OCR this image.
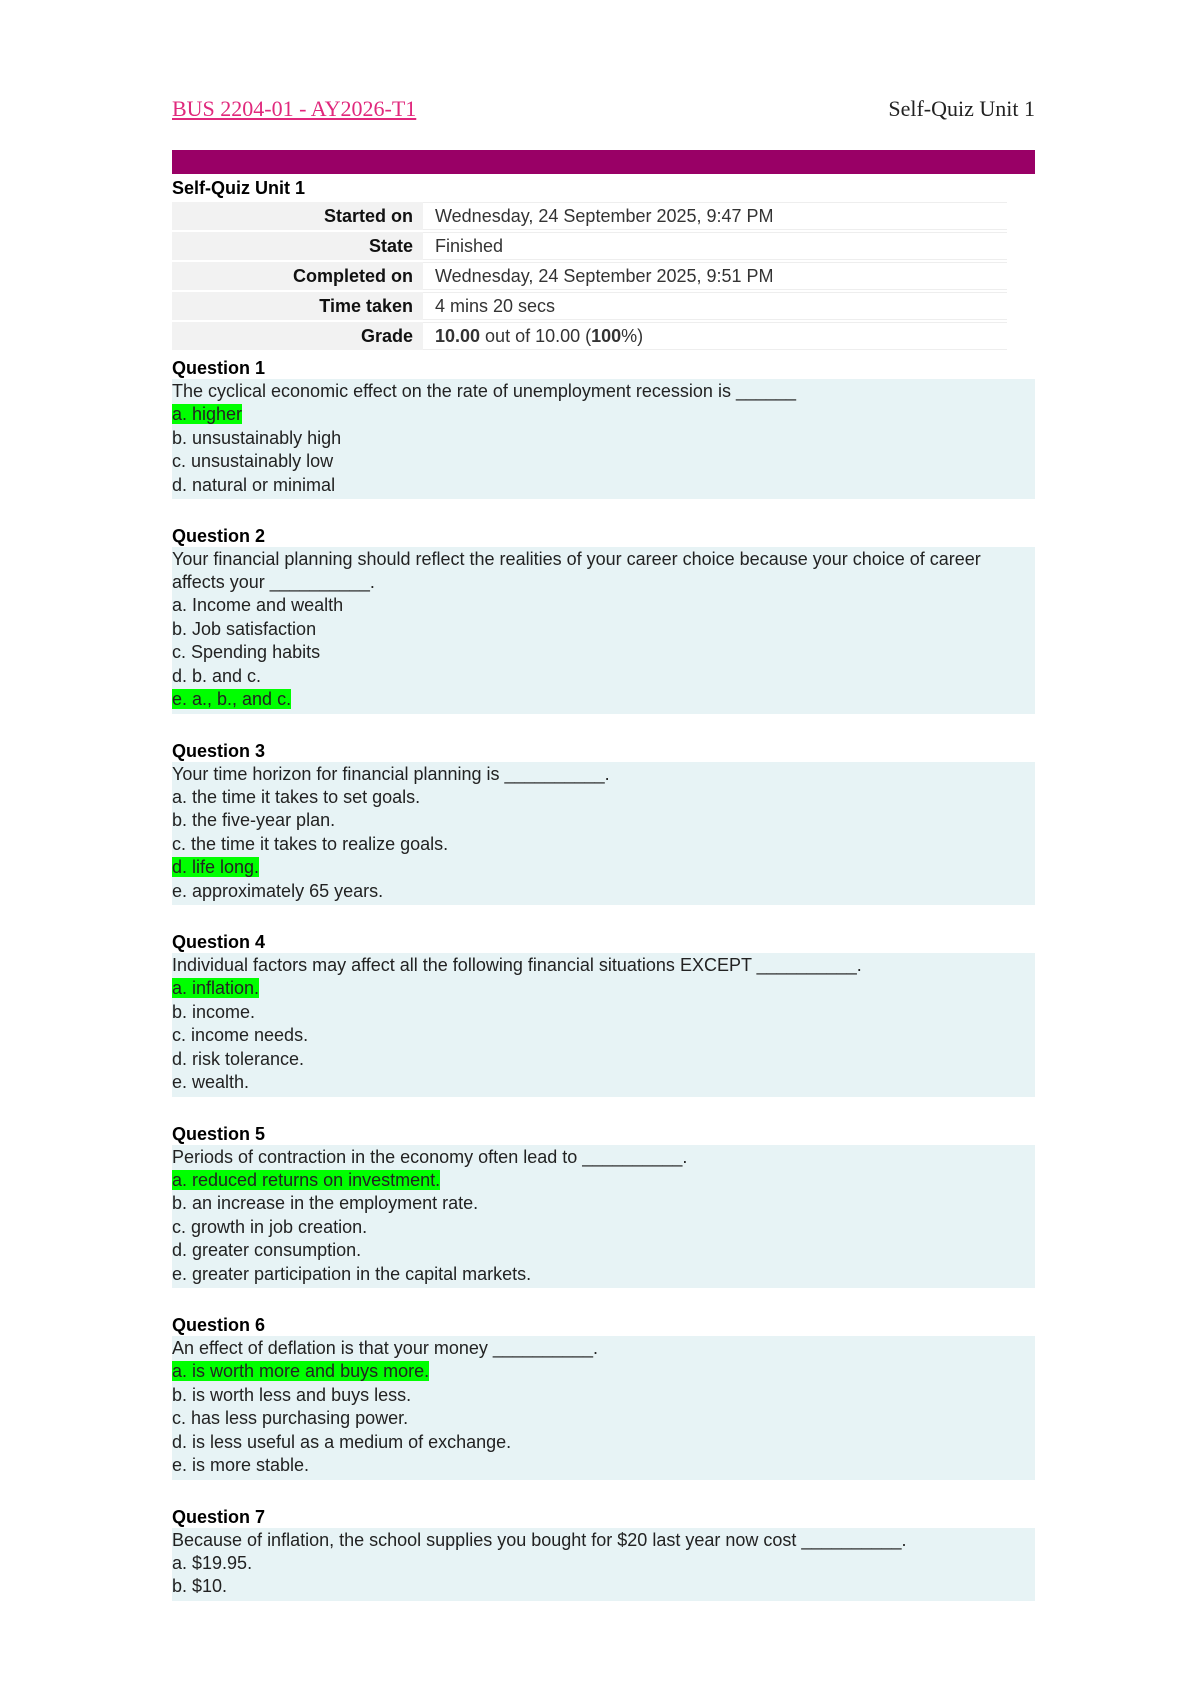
BUS 2204-01 - AY2026-T1	Self-Quiz Unit 1
Self-Quiz Unit 1
Started on	Wednesday, 24 September 2025, 9:47 PM
State	Finished
Completed on	Wednesday, 24 September 2025, 9:51 PM
Time taken	4 mins 20 secs
Grade	10.00 out of 10.00 (100%)
Question 1
The cyclical economic effect on the rate of unemployment recession is ______
a. higher
b. unsustainably high
c. unsustainably low
d. natural or minimal
Question 2
Your financial planning should reflect the realities of your career choice because your choice of career affects your __________.
a. Income and wealth
b. Job satisfaction
c. Spending habits
d. b. and c.
e. a., b., and c.
Question 3
Your time horizon for financial planning is __________.
a. the time it takes to set goals.
b. the five-year plan.
c. the time it takes to realize goals.
d. life long.
e. approximately 65 years.
Question 4
Individual factors may affect all the following financial situations EXCEPT __________.
a. inflation.
b. income.
c. income needs.
d. risk tolerance.
e. wealth.
Question 5
Periods of contraction in the economy often lead to __________.
a. reduced returns on investment.
b. an increase in the employment rate.
c. growth in job creation.
d. greater consumption.
e. greater participation in the capital markets.
Question 6
An effect of deflation is that your money __________.
a. is worth more and buys more.
b. is worth less and buys less.
c. has less purchasing power.
d. is less useful as a medium of exchange.
e. is more stable.
Question 7
Because of inflation, the school supplies you bought for $20 last year now cost __________.
a. $19.95.
b. $10.
